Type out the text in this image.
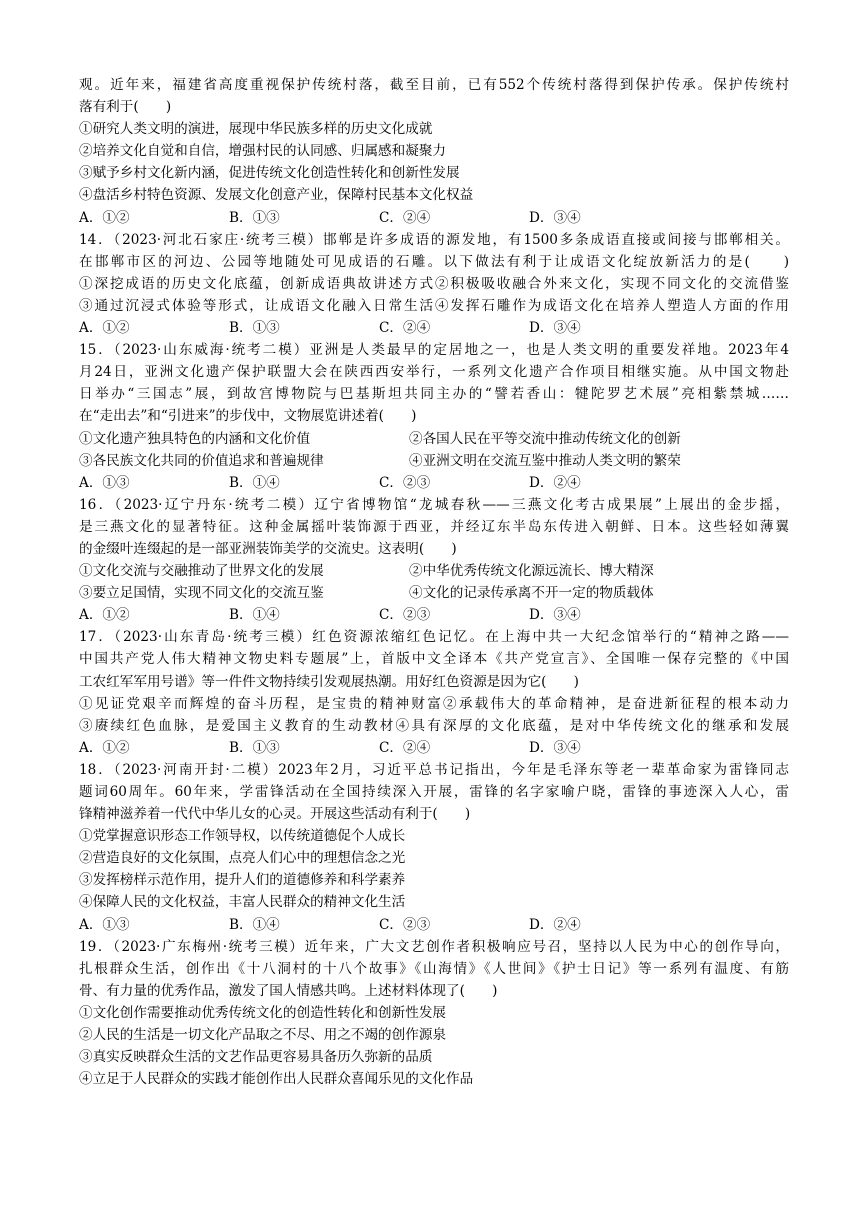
观。近年来，福建省高度重视保护传统村落，截至目前，已有552个传统村落得到保护传承。保护传统村
落有利于(　　)
①研究人类文明的演进，展现中华民族多样的历史文化成就
②培养文化自觉和自信，增强村民的认同感、归属感和凝聚力
③赋予乡村文化新内涵，促进传统文化创造性转化和创新性发展
④盘活乡村特色资源、发展文化创意产业，保障村民基本文化权益
A．①②	B．①③	C．②④	D．③④
14．（2023·河北石家庄·统考三模）邯郸是许多成语的源发地，有1500多条成语直接或间接与邯郸相关。
在邯郸市区的河边、公园等地随处可见成语的石雕。以下做法有利于让成语文化绽放新活力的是(　　)
①深挖成语的历史文化底蕴，创新成语典故讲述方式②积极吸收融合外来文化，实现不同文化的交流借鉴
③通过沉浸式体验等形式，让成语文化融入日常生活④发挥石雕作为成语文化在培养人塑造人方面的作用
A．①②	B．①③	C．②④	D．③④
15．（2023·山东威海·统考二模）亚洲是人类最早的定居地之一，也是人类文明的重要发祥地。2023年4
月24日，亚洲文化遗产保护联盟大会在陕西西安举行，一系列文化遗产合作项目相继实施。从中国文物赴
日举办“三国志”展，到故宫博物院与巴基斯坦共同主办的“譬若香山：犍陀罗艺术展”亮相紫禁城……
在“走出去”和“引进来”的步伐中，文物展览讲述着(　　)
①文化遗产独具特色的内涵和文化价值	②各国人民在平等交流中推动传统文化的创新
③各民族文化共同的价值追求和普遍规律	④亚洲文明在交流互鉴中推动人类文明的繁荣
A．①③	B．①④	C．②③	D．②④
16．（2023·辽宁丹东·统考二模）辽宁省博物馆“龙城春秋——三燕文化考古成果展”上展出的金步摇，
是三燕文化的显著特征。这种金属摇叶装饰源于西亚，并经辽东半岛东传进入朝鲜、日本。这些轻如薄翼
的金缀叶连缀起的是一部亚洲装饰美学的交流史。这表明(　　)
①文化交流与交融推动了世界文化的发展	②中华优秀传统文化源远流长、博大精深
③要立足国情，实现不同文化的交流互鉴	④文化的记录传承离不开一定的物质载体
A．①②	B．①④	C．②③	D．③④
17．（2023·山东青岛·统考三模）红色资源浓缩红色记忆。在上海中共一大纪念馆举行的“精神之路——
中国共产党人伟大精神文物史料专题展”上，首版中文全译本《共产党宣言》、全国唯一保存完整的《中国
工农红军军用号谱》等一件件文物持续引发观展热潮。用好红色资源是因为它(　　)
①见证党艰辛而辉煌的奋斗历程，是宝贵的精神财富②承载伟大的革命精神，是奋进新征程的根本动力
③赓续红色血脉，是爱国主义教育的生动教材④具有深厚的文化底蕴，是对中华传统文化的继承和发展
A．①②	B．①③	C．②④	D．③④
18．（2023·河南开封·二模）2023年2月，习近平总书记指出，今年是毛泽东等老一辈革命家为雷锋同志
题词60周年。60年来，学雷锋活动在全国持续深入开展，雷锋的名字家喻户晓，雷锋的事迹深入人心，雷
锋精神滋养着一代代中华儿女的心灵。开展这些活动有利于(　　)
①党掌握意识形态工作领导权，以传统道德促个人成长
②营造良好的文化氛围，点亮人们心中的理想信念之光
③发挥榜样示范作用，提升人们的道德修养和科学素养
④保障人民的文化权益，丰富人民群众的精神文化生活
A．①③	B．①④	C．②③	D．②④
19．（2023·广东梅州·统考三模）近年来，广大文艺创作者积极响应号召，坚持以人民为中心的创作导向，
扎根群众生活，创作出《十八洞村的十八个故事》《山海情》《人世间》《护士日记》等一系列有温度、有筋
骨、有力量的优秀作品，激发了国人情感共鸣。上述材料体现了(　　)
①文化创作需要推动优秀传统文化的创造性转化和创新性发展
②人民的生活是一切文化产品取之不尽、用之不竭的创作源泉
③真实反映群众生活的文艺作品更容易具备历久弥新的品质
④立足于人民群众的实践才能创作出人民群众喜闻乐见的文化作品
